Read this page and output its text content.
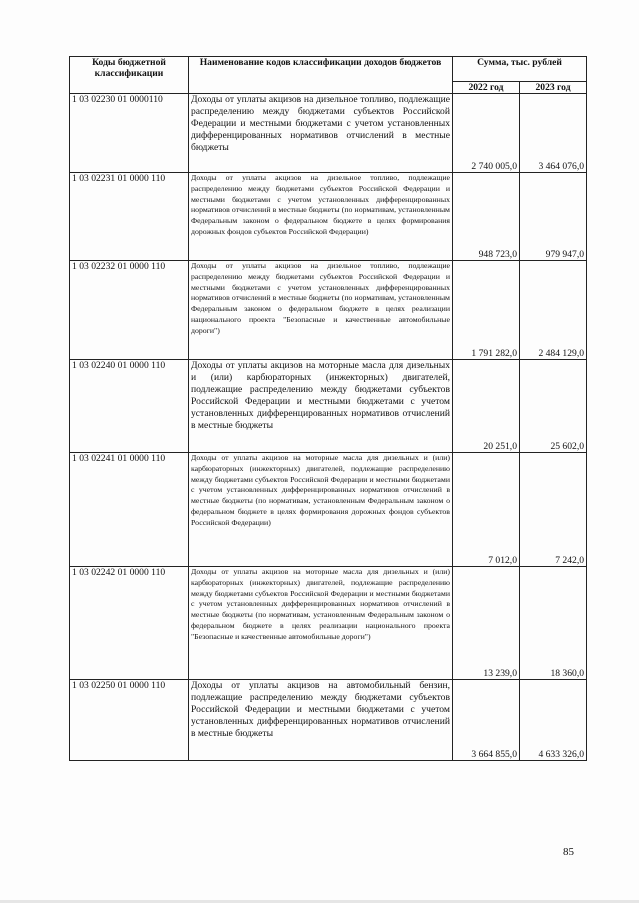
Коды бюджетной классификации	Наименование кодов классификации доходов бюджетов	Сумма, тыс. рублей	
		2022 год	2023 год
1 03 02230 01 0000110	Доходы от уплаты акцизов на дизельное топливо, подлежащие распределению между бюджетами субъектов Российской Федерации и местными бюджетами с учетом установленных дифференцированных нормативов отчислений в местные бюджеты	2 740 005,0	3 464 076,0
1 03 02231 01 0000 110	Доходы от уплаты акцизов на дизельное топливо, подлежащие распределению между бюджетами субъектов Российской Федерации и местными бюджетами с учетом установленных дифференцированных нормативов отчислений в местные бюджеты (по нормативам, установленным Федеральным законом о федеральном бюджете в целях формирования дорожных фондов субъектов Российской Федерации)	948 723,0	979 947,0
1 03 02232 01 0000 110	Доходы от уплаты акцизов на дизельное топливо, подлежащие распределению между бюджетами субъектов Российской Федерации и местными бюджетами с учетом установленных дифференцированных нормативов отчислений в местные бюджеты (по нормативам, установленным Федеральным законом о федеральном бюджете в целях реализации национального проекта "Безопасные и качественные автомобильные дороги")	1 791 282,0	2 484 129,0
1 03 02240 01 0000 110	Доходы от уплаты акцизов на моторные масла для дизельных и (или) карбюраторных (инжекторных) двигателей, подлежащие распределению между бюджетами субъектов Российской Федерации и местными бюджетами с учетом установленных дифференцированных нормативов отчислений в местные бюджеты	20 251,0	25 602,0
1 03 02241 01 0000 110	Доходы от уплаты акцизов на моторные масла для дизельных и (или) карбюраторных (инжекторных) двигателей, подлежащие распределению между бюджетами субъектов Российской Федерации и местными бюджетами с учетом установленных дифференцированных нормативов отчислений в местные бюджеты (по нормативам, установленным Федеральным законом о федеральном бюджете в целях формирования дорожных фондов субъектов Российской Федерации)	7 012,0	7 242,0
1 03 02242 01 0000 110	Доходы от уплаты акцизов на моторные масла для дизельных и (или) карбюраторных (инжекторных) двигателей, подлежащие распределению между бюджетами субъектов Российской Федерации и местными бюджетами с учетом установленных дифференцированных нормативов отчислений в местные бюджеты (по нормативам, установленным Федеральным законом о федеральном бюджете в целях реализации национального проекта "Безопасные и качественные автомобильные дороги")	13 239,0	18 360,0
1 03 02250 01 0000 110	Доходы от уплаты акцизов на автомобильный бензин, подлежащие распределению между бюджетами субъектов Российской Федерации и местными бюджетами с учетом установленных дифференцированных нормативов отчислений в местные бюджеты	3 664 855,0	4 633 326,0
85
